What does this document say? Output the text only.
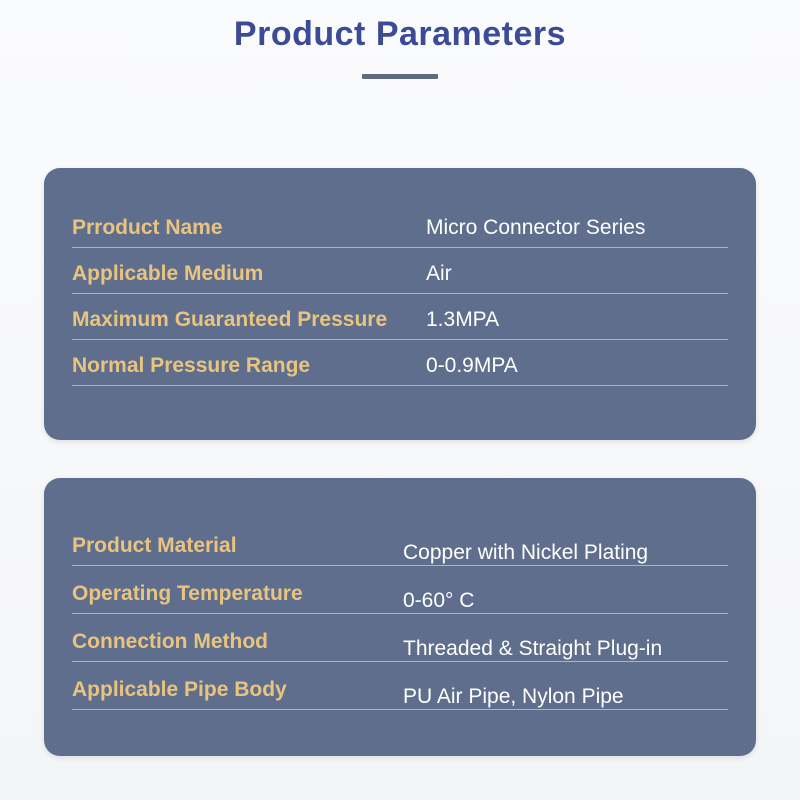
Product Parameters
Prroduct Name	Micro Connector Series
Applicable Medium	Air
Maximum Guaranteed Pressure 1.3MPA
Normal Pressure Range	0-0.9MPA
Product Material	Copper with Nickel Plating
Operating Temperature	0-60° C
Connection Method	Threaded & Straight Plug-in
Applicable Pipe Body	PU Air Pipe, Nylon Pipe
